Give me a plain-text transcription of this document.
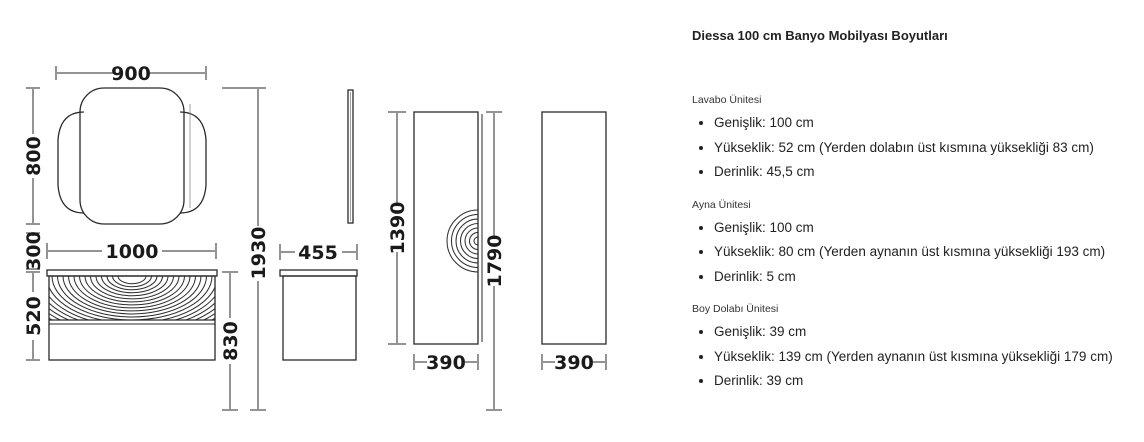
900
800
300
520
1000
830
1930 455	1390
390
1790
390
Diessa 100 cm Banyo Mobilyası Boyutları
Lavabo Ünitesi
• Genişlik: 100 cm
• Yükseklik: 52 cm (Yerden dolabın üst kısmına yüksekliği 83 cm)
• Derinlik: 45,5 cm
Ayna Ünitesi
• Genişlik: 100 cm
• Yükseklik: 80 cm (Yerden aynanın üst kısmına yüksekliği 193 cm)
• Derinlik: 5 cm
Boy Dolabı Ünitesi
• Genişlik: 39 cm
• Yükseklik: 139 cm (Yerden aynanın üst kısmına yüksekliği 179 cm)
• Derinlik: 39 cm
